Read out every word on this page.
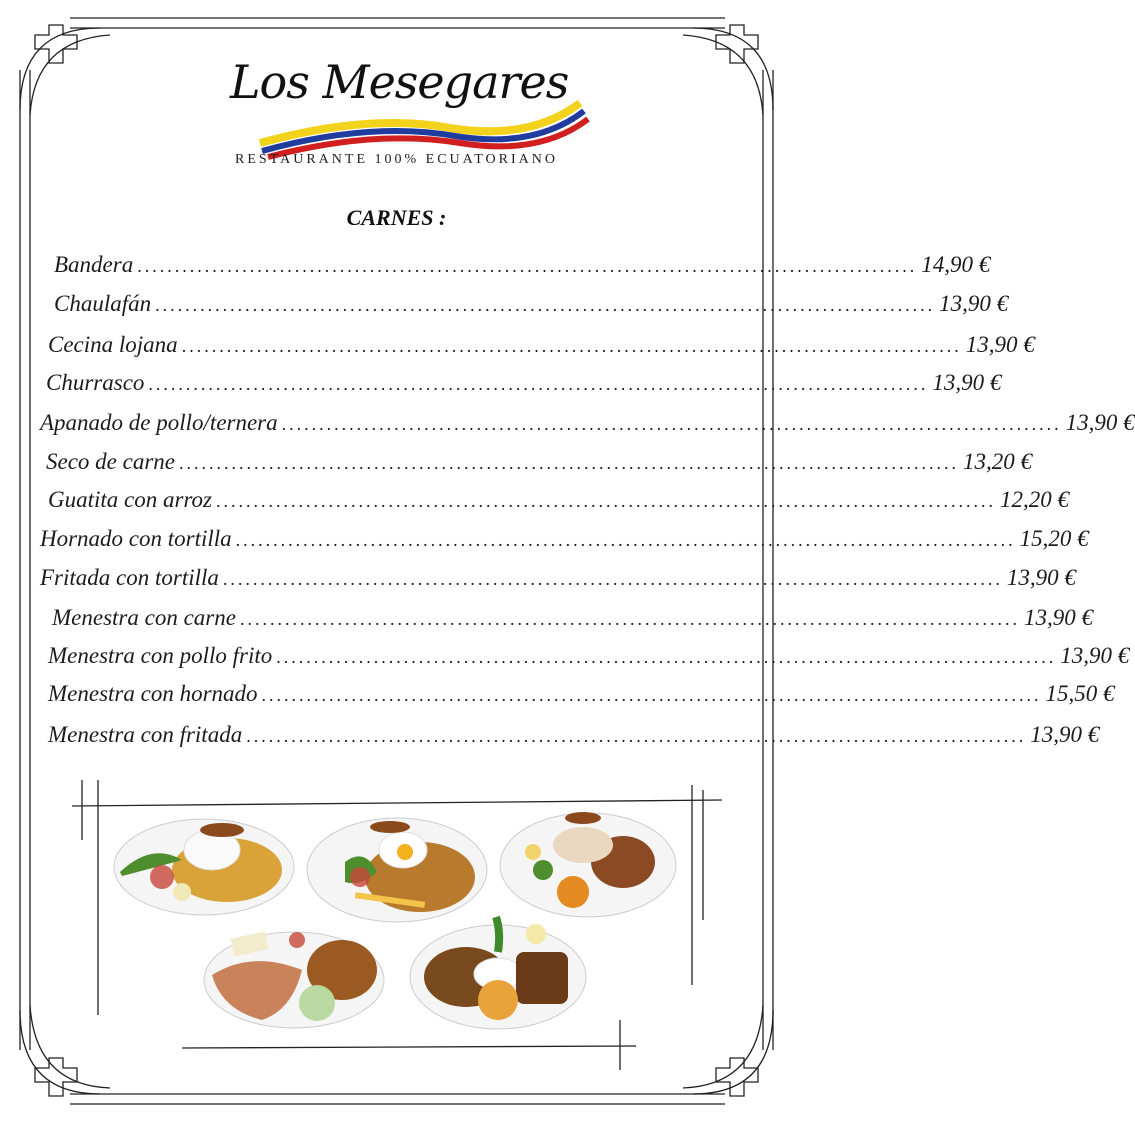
Los Mesegares
RESTAURANTE 100% ECUATORIANO
CARNES :
Bandera ........................................................................................................ 14,90 €
Chaulafán ........................................................................................................ 13,90 €
Cecina lojana ........................................................................................................ 13,90 €
Churrasco ........................................................................................................ 13,90 €
Apanado de pollo/ternera ........................................................................................................ 13,90 €
Seco de carne ........................................................................................................ 13,20 €
Guatita con arroz ........................................................................................................ 12,20 €
Hornado con tortilla ........................................................................................................ 15,20 €
Fritada con tortilla ........................................................................................................ 13,90 €
Menestra con carne ........................................................................................................ 13,90 €
Menestra con pollo frito ........................................................................................................ 13,90 €
Menestra con hornado ........................................................................................................ 15,50 €
Menestra con fritada ........................................................................................................ 13,90 €
